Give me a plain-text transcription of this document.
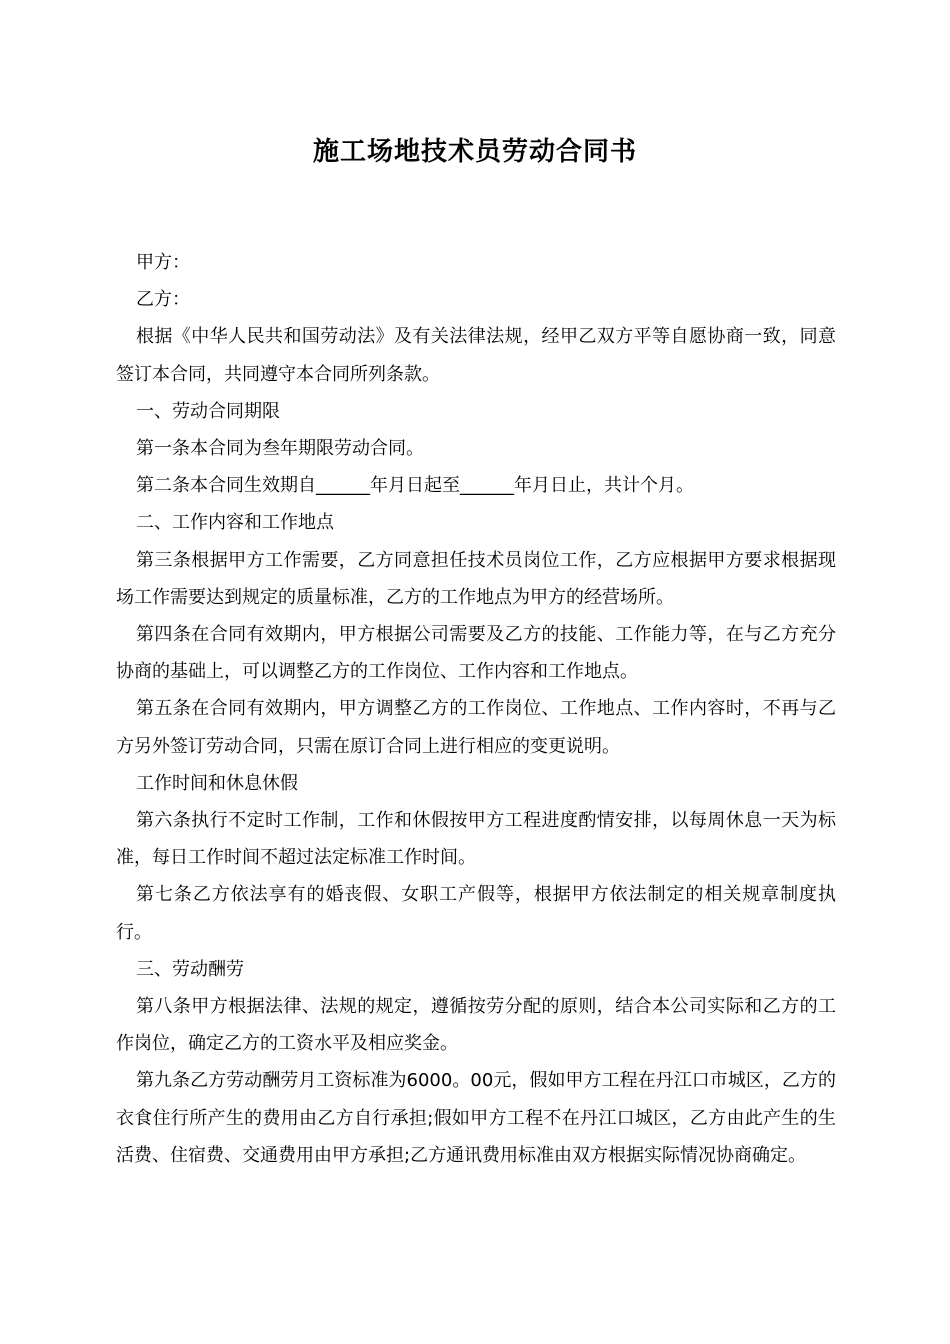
施工场地技术员劳动合同书

甲方：

乙方：

根据《中华人民共和国劳动法》及有关法律法规，经甲乙双方平等自愿协商一致，同意签订本合同，共同遵守本合同所列条款。

一、劳动合同期限

第一条本合同为叁年期限劳动合同。

第二条本合同生效期自______年月日起至______年月日止，共计个月。

二、工作内容和工作地点

第三条根据甲方工作需要，乙方同意担任技术员岗位工作，乙方应根据甲方要求根据现场工作需要达到规定的质量标准，乙方的工作地点为甲方的经营场所。

第四条在合同有效期内，甲方根据公司需要及乙方的技能、工作能力等，在与乙方充分协商的基础上，可以调整乙方的工作岗位、工作内容和工作地点。

第五条在合同有效期内，甲方调整乙方的工作岗位、工作地点、工作内容时，不再与乙方另外签订劳动合同，只需在原订合同上进行相应的变更说明。

工作时间和休息休假

第六条执行不定时工作制，工作和休假按甲方工程进度酌情安排，以每周休息一天为标准，每日工作时间不超过法定标准工作时间。

第七条乙方依法享有的婚丧假、女职工产假等，根据甲方依法制定的相关规章制度执行。

三、劳动酬劳

第八条甲方根据法律、法规的规定，遵循按劳分配的原则，结合本公司实际和乙方的工作岗位，确定乙方的工资水平及相应奖金。

第九条乙方劳动酬劳月工资标准为6000。00元，假如甲方工程在丹江口市城区，乙方的衣食住行所产生的费用由乙方自行承担;假如甲方工程不在丹江口城区，乙方由此产生的生活费、住宿费、交通费用由甲方承担;乙方通讯费用标准由双方根据实际情况协商确定。
